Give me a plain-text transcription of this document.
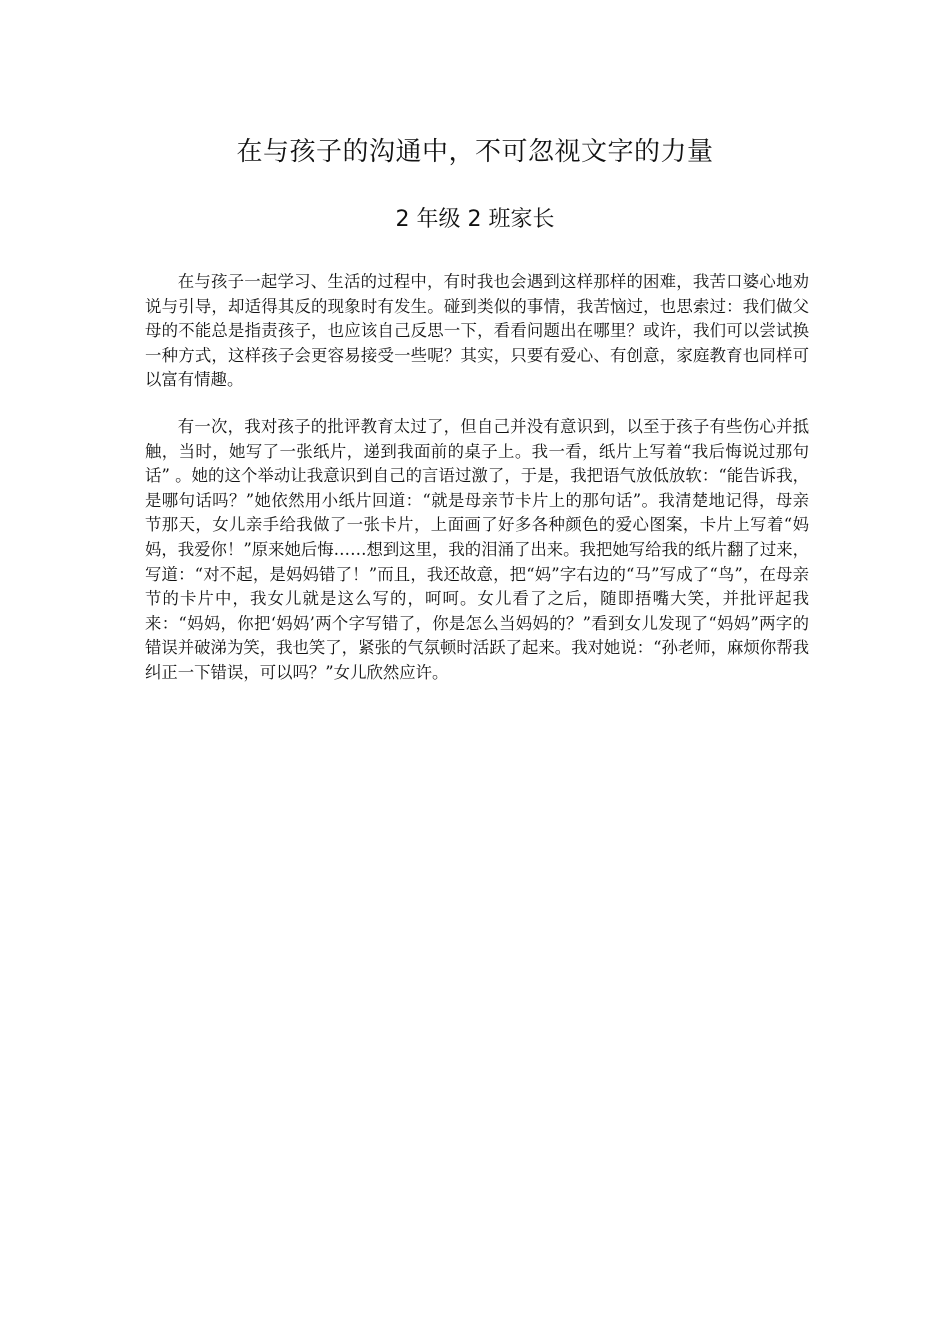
在与孩子的沟通中，不可忽视文字的力量
2 年级 2 班家长

在与孩子一起学习、生活的过程中，有时我也会遇到这样那样的困难，我苦口婆心地劝说与引导，却适得其反的现象时有发生。碰到类似的事情，我苦恼过，也思索过：我们做父母的不能总是指责孩子，也应该自己反思一下，看看问题出在哪里？或许，我们可以尝试换一种方式，这样孩子会更容易接受一些呢？其实，只要有爱心、有创意，家庭教育也同样可以富有情趣。

有一次，我对孩子的批评教育太过了，但自己并没有意识到，以至于孩子有些伤心并抵触，当时，她写了一张纸片，递到我面前的桌子上。我一看，纸片上写着“我后悔说过那句话” 。她的这个举动让我意识到自己的言语过激了，于是，我把语气放低放软：“能告诉我，是哪句话吗？”她依然用小纸片回道：“就是母亲节卡片上的那句话”。我清楚地记得，母亲节那天，女儿亲手给我做了一张卡片，上面画了好多各种颜色的爱心图案，卡片上写着“妈妈，我爱你！”原来她后悔……想到这里，我的泪涌了出来。我把她写给我的纸片翻了过来，写道：“对不起，是妈妈错了！”而且，我还故意，把“妈”字右边的“马”写成了“鸟”，在母亲节的卡片中，我女儿就是这么写的，呵呵。女儿看了之后，随即捂嘴大笑，并批评起我来：“妈妈，你把‘妈妈’两个字写错了，你是怎么当妈妈的？”看到女儿发现了“妈妈”两字的错误并破涕为笑，我也笑了，紧张的气氛顿时活跃了起来。我对她说：“孙老师，麻烦你帮我纠正一下错误，可以吗？”女儿欣然应许。
